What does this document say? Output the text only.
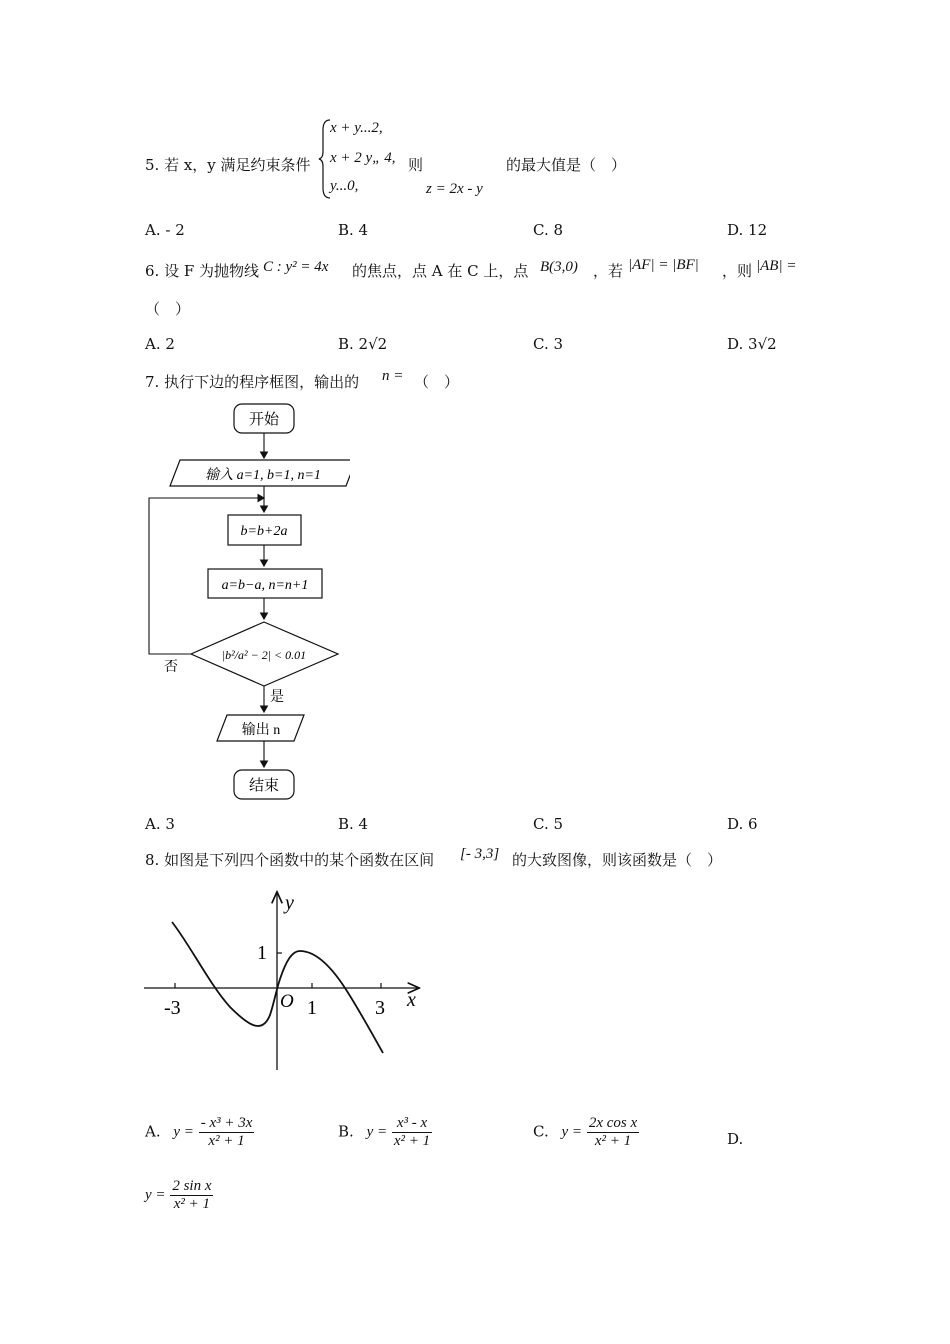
5. 若 x，y 满足约束条件
x + y...2,
x + 2 y„ 4,
y...0,
则
z = 2x - y
的最大值是（　）
A. - 2	B. 4	C. 8	D. 12
6. 设 F 为抛物线 C : y² = 4x 的焦点，点 A 在 C 上，点 B(3,0) ，若 |AF| = |BF| ，则 |AB| =
（　）
A. 2	B. 2√2	C. 3	D. 3√2
7. 执行下边的程序框图，输出的 n = （　）
开始
输入 a=1, b=1, n=1
b=b+2a
a=b−a, n=n+1
|b²/a² − 2| < 0.01
否
是
输出 n
结束
A. 3	B. 4	C. 5	D. 6
8. 如图是下列四个函数中的某个函数在区间 [- 3,3] 的大致图像，则该函数是（　）
y
x
O
-3	1	3
1
A. $y = \frac{\text{- x³ + 3x}}{\text{x² + 1}}$	B. $y = \frac{\text{x³ - x}}{\text{x² + 1}}$	C. $y = \frac{\text{2x cos x}}{\text{x² + 1}}$	D.
$y = \frac{\text{2 sin x}}{\text{x² + 1}}$
